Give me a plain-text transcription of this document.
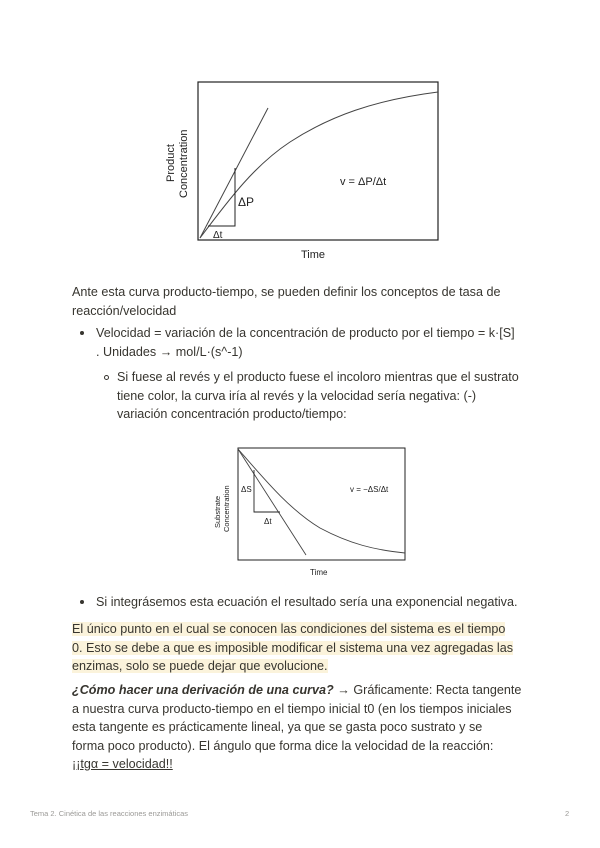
ΔP
Δt
v = ΔP/Δt
Time
Product Concentration

Ante esta curva producto-tiempo, se pueden definir los conceptos de tasa de reacción/velocidad

Velocidad = variación de la concentración de producto por el tiempo = k·[S]
. Unidades → mol/L·(s^-1)
Si fuese al revés y el producto fuese el incoloro mientras que el sustrato
tiene color, la curva iría al revés y la velocidad sería negativa: (-)
variación concentración producto/tiempo:
ΔS
Δt
v = −ΔS/Δt
Time
Substrate Concentration
Si integrásemos esta ecuación el resultado sería una exponencial negativa.
El único punto en el cual se conocen las condiciones del sistema es el tiempo
0. Esto se debe a que es imposible modificar el sistema una vez agregadas las
enzimas, solo se puede dejar que evolucione.
¿Cómo hacer una derivación de una curva? → Gráficamente: Recta tangente
a nuestra curva producto-tiempo en el tiempo inicial t0 (en los tiempos iniciales
esta tangente es prácticamente lineal, ya que se gasta poco sustrato y se
forma poco producto). El ángulo que forma dice la velocidad de la reacción:
¡¡tgα = velocidad!!
Tema 2. Cinética de las reacciones enzimáticas	2
